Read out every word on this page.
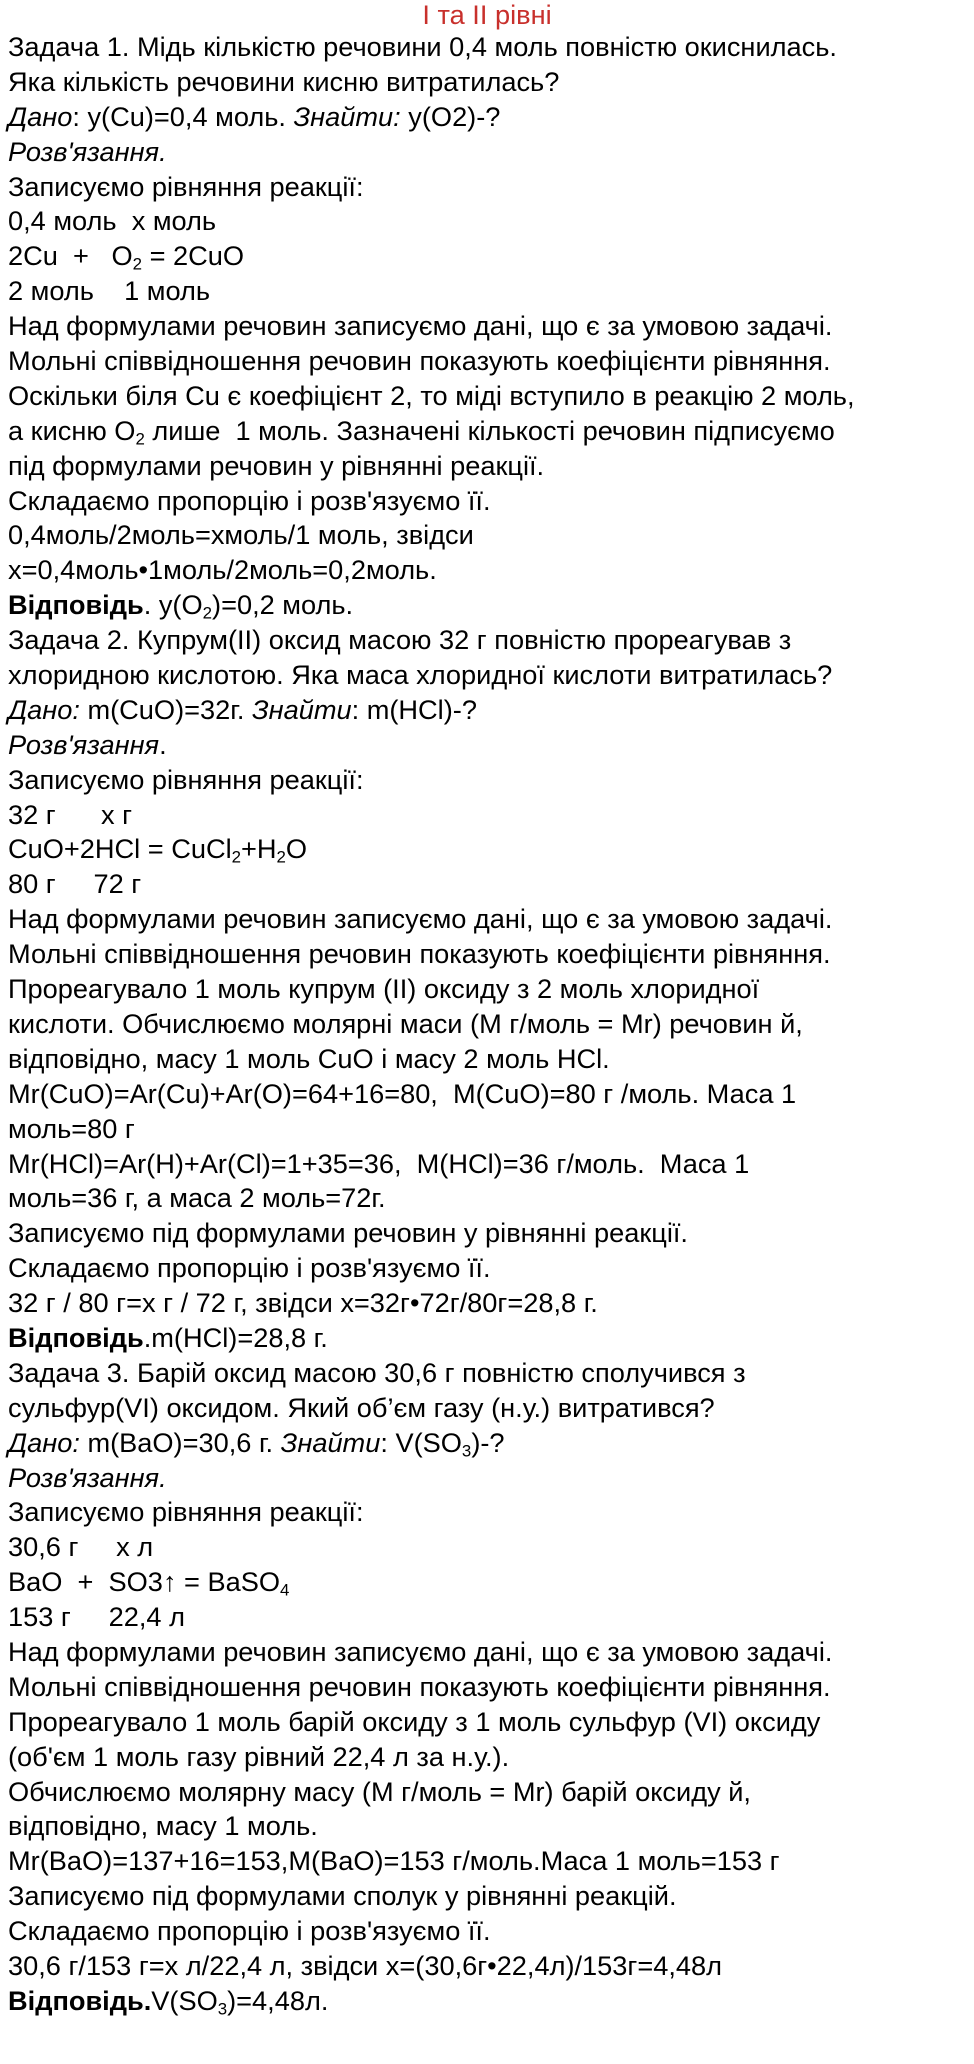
I та II рівні
Задача 1. Мідь кількістю речовини 0,4 моль повністю окиснилась.
Яка кількість речовини кисню витратилась?
Дано: у(Cu)=0,4 моль. Знайти: у(O2)-?
Розв'язання.
Записуємо рівняння реакції:
0,4 моль  х моль
$2Cu + O_2 = 2CuO$
2 моль    1 моль
Над формулами речовин записуємо дані, що є за умовою задачі.
Мольні співвідношення речовин показують коефіцієнти рівняння.
Оскільки біля Cu є коефіцієнт 2, то міді вступило в реакцію 2 моль,
а кисню $O_2$ лише  1 моль. Зазначені кількості речовин підписуємо
під формулами речовин у рівнянні реакції.
Складаємо пропорцію і розв'язуємо її.
0,4моль/2моль=хмоль/1 моль, звідси
х=0,4моль•1моль/2моль=0,2моль.
Відповідь. $у(O_2)=0,2$ моль.
Задача 2. Купрум(ІІ) оксид масою 32 г повністю прореагував з
хлоридною кислотою. Яка маса хлоридної кислоти витратилась?
Дано: m(CuO)=32г. Знайти: m(HCl)-?
Розв'язання.
Записуємо рівняння реакції:
32 г      х г
$CuO+2HCl = CuCl_2+H_2O$
80 г     72 г
Над формулами речовин записуємо дані, що є за умовою задачі.
Мольні співвідношення речовин показують коефіцієнти рівняння.
Прореагувало 1 моль купрум (ІІ) оксиду з 2 моль хлоридної
кислоти. Обчислюємо молярні маси (M г/моль = Mr) речовин й,
відповідно, масу 1 моль CuO і масу 2 моль HCl.
Mr(CuO)=Ar(Cu)+Ar(O)=64+16=80,  M(CuO)=80 г /моль. Маса 1
моль=80 г
Mr(НCl)=Ar(Н)+Ar(Cl)=1+35=36,  M(НCl)=36 г/моль.  Маса 1
моль=36 г, а маса 2 моль=72г.
Записуємо під формулами речовин у рівнянні реакції.
Складаємо пропорцію і розв'язуємо її.
32 г / 80 г=х г / 72 г, звідси х=32г•72г/80г=28,8 г.
Відповідь.m(HCl)=28,8 г.
Задача 3. Барій оксид масою 30,6 г повністю сполучився з
сульфур(VI) оксидом. Який об’єм газу (н.у.) витратився?
Дано: m(BaO)=30,6 г. Знайти: $V(SO_3)-$?
Розв'язання.
Записуємо рівняння реакції:
30,6 г     х л
BaO  +  SO3↑ = BaSO$_4$
153 г     22,4 л
Над формулами речовин записуємо дані, що є за умовою задачі.
Мольні співвідношення речовин показують коефіцієнти рівняння.
Прореагувало 1 моль барій оксиду з 1 моль сульфур (VI) оксиду
(об'єм 1 моль газу рівний 22,4 л за н.у.).
Обчислюємо молярну масу (M г/моль = Mr) барій оксиду й,
відповідно, масу 1 моль.
Mr(BaO)=137+16=153,M(BaO)=153 г/моль.Маса 1 моль=153 г
Записуємо під формулами сполук у рівнянні реакцій.
Складаємо пропорцію і розв'язуємо її.
30,6 г/153 г=х л/22,4 л, звідси х=(30,6г•22,4л)/153г=4,48л
$Відповідь.V(SO_3)=4,48л$.
